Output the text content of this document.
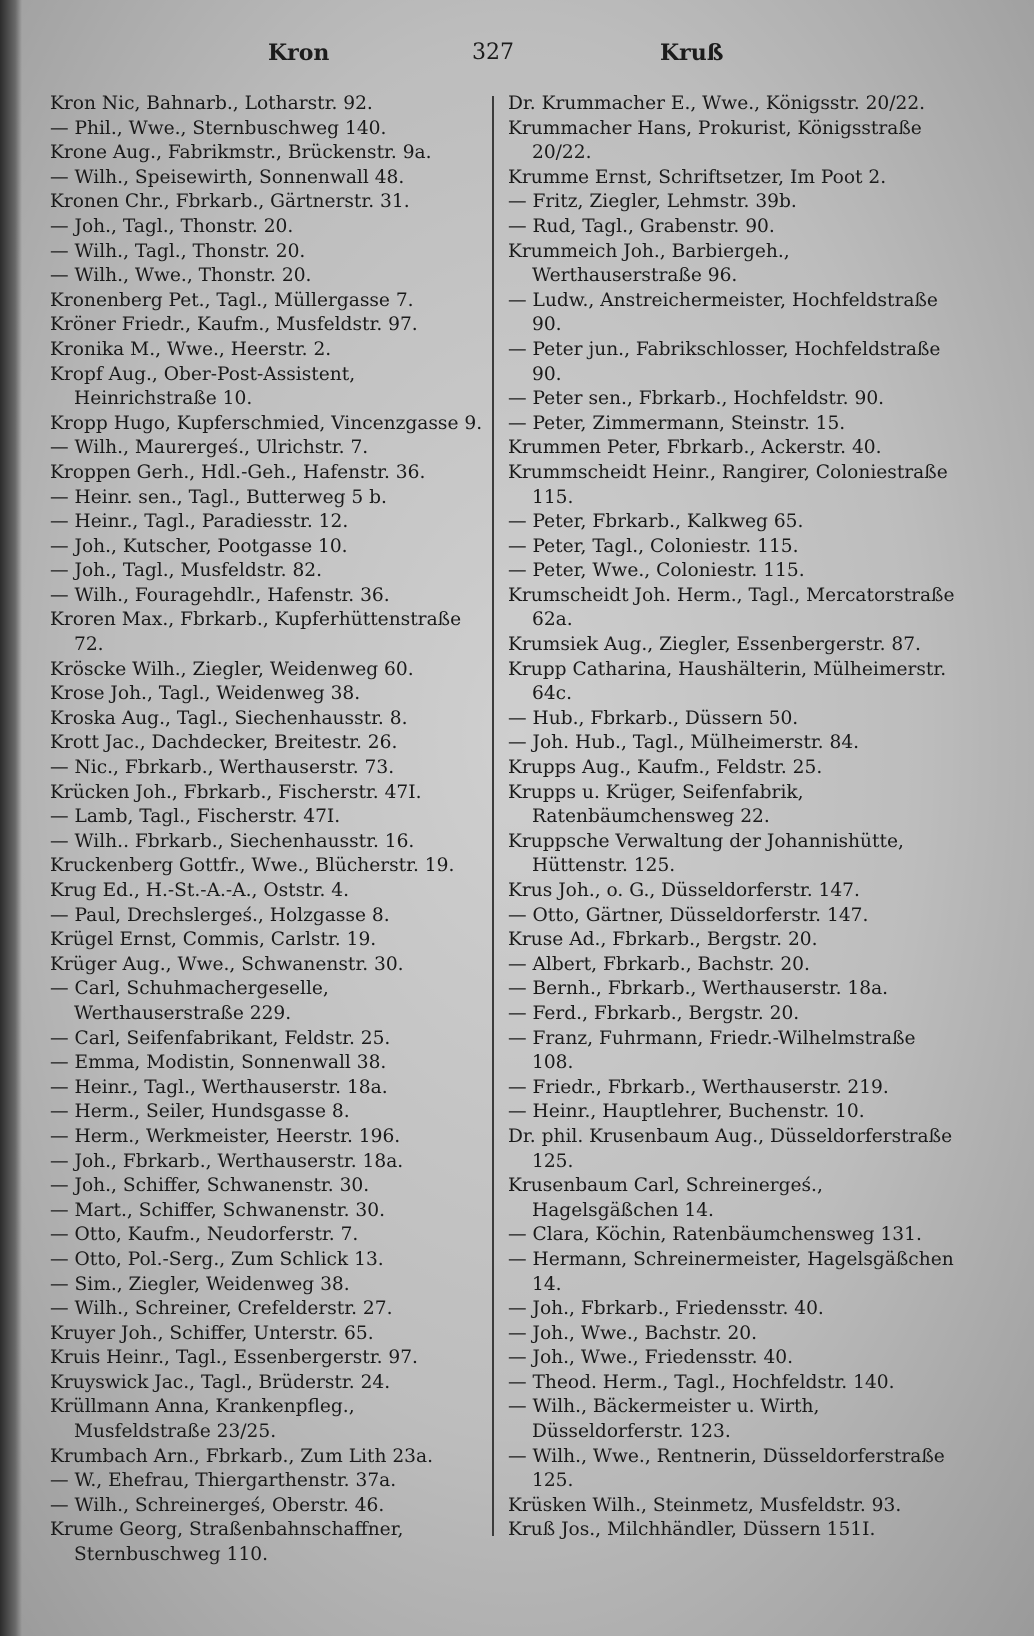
Kron	327	Kruß

Kron Nic, Bahnarb., Lotharstr. 92.

— Phil., Wwe., Sternbuschweg 140.

Krone Aug., Fabrikmstr., Brückenstr. 9a.

— Wilh., Speisewirth, Sonnenwall 48.

Kronen Chr., Fbrkarb., Gärtnerstr. 31.

— Joh., Tagl., Thonstr. 20.

— Wilh., Tagl., Thonstr. 20.

— Wilh., Wwe., Thonstr. 20.

Kronenberg Pet., Tagl., Müllergasse 7.

Kröner Friedr., Kaufm., Musfeldstr. 97.

Kronika M., Wwe., Heerstr. 2.

Kropf Aug., Ober-Post-Assistent, Heinrichstraße 10.

Kropp Hugo, Kupferschmied, Vincenzgasse 9.

— Wilh., Maurergeś., Ulrichstr. 7.

Kroppen Gerh., Hdl.-Geh., Hafenstr. 36.

— Heinr. sen., Tagl., Butterweg 5 b.

— Heinr., Tagl., Paradiesstr. 12.

— Joh., Kutscher, Pootgasse 10.

— Joh., Tagl., Musfeldstr. 82.

— Wilh., Fouragehdlr., Hafenstr. 36.

Kroren Max., Fbrkarb., Kupferhüttenstraße 72.

Kröscke Wilh., Ziegler, Weidenweg 60.

Krose Joh., Tagl., Weidenweg 38.

Kroska Aug., Tagl., Siechenhausstr. 8.

Krott Jac., Dachdecker, Breitestr. 26.

— Nic., Fbrkarb., Werthauserstr. 73.

Krücken Joh., Fbrkarb., Fischerstr. 47I.

— Lamb, Tagl., Fischerstr. 47I.

— Wilh.. Fbrkarb., Siechenhausstr. 16.

Kruckenberg Gottfr., Wwe., Blücherstr. 19.

Krug Ed., H.-St.-A.-A., Oststr. 4.

— Paul, Drechslergeś., Holzgasse 8.

Krügel Ernst, Commis, Carlstr. 19.

Krüger Aug., Wwe., Schwanenstr. 30.

— Carl, Schuhmachergeselle, Werthauserstraße 229.

— Carl, Seifenfabrikant, Feldstr. 25.

— Emma, Modistin, Sonnenwall 38.

— Heinr., Tagl., Werthauserstr. 18a.

— Herm., Seiler, Hundsgasse 8.

— Herm., Werkmeister, Heerstr. 196.

— Joh., Fbrkarb., Werthauserstr. 18a.

— Joh., Schiffer, Schwanenstr. 30.

— Mart., Schiffer, Schwanenstr. 30.

— Otto, Kaufm., Neudorferstr. 7.

— Otto, Pol.-Serg., Zum Schlick 13.

— Sim., Ziegler, Weidenweg 38.

— Wilh., Schreiner, Crefelderstr. 27.

Kruyer Joh., Schiffer, Unterstr. 65.

Kruis Heinr., Tagl., Essenbergerstr. 97.

Kruyswick Jac., Tagl., Brüderstr. 24.

Krüllmann Anna, Krankenpfleg., Musfeldstraße 23/25.

Krumbach Arn., Fbrkarb., Zum Lith 23a.

— W., Ehefrau, Thiergarthenstr. 37a.

— Wilh., Schreinergeś, Oberstr. 46.

Krume Georg, Straßenbahnschaffner, Sternbuschweg 110.

Dr. Krummacher E., Wwe., Königsstr. 20/22.

Krummacher Hans, Prokurist, Königsstraße 20/22.

Krumme Ernst, Schriftsetzer, Im Poot 2.

— Fritz, Ziegler, Lehmstr. 39b.

— Rud, Tagl., Grabenstr. 90.

Krummeich Joh., Barbiergeh., Werthauserstraße 96.

— Ludw., Anstreichermeister, Hochfeldstraße 90.

— Peter jun., Fabrikschlosser, Hochfeldstraße 90.

— Peter sen., Fbrkarb., Hochfeldstr. 90.

— Peter, Zimmermann, Steinstr. 15.

Krummen Peter, Fbrkarb., Ackerstr. 40.

Krummscheidt Heinr., Rangirer, Coloniestraße 115.

— Peter, Fbrkarb., Kalkweg 65.

— Peter, Tagl., Coloniestr. 115.

— Peter, Wwe., Coloniestr. 115.

Krumscheidt Joh. Herm., Tagl., Mercatorstraße 62a.

Krumsiek Aug., Ziegler, Essenbergerstr. 87.

Krupp Catharina, Haushälterin, Mülheimerstr. 64c.

— Hub., Fbrkarb., Düssern 50.

— Joh. Hub., Tagl., Mülheimerstr. 84.

Krupps Aug., Kaufm., Feldstr. 25.

Krupps u. Krüger, Seifenfabrik, Ratenbäumchensweg 22.

Kruppsche Verwaltung der Johannishütte, Hüttenstr. 125.

Krus Joh., o. G., Düsseldorferstr. 147.

— Otto, Gärtner, Düsseldorferstr. 147.

Kruse Ad., Fbrkarb., Bergstr. 20.

— Albert, Fbrkarb., Bachstr. 20.

— Bernh., Fbrkarb., Werthauserstr. 18a.

— Ferd., Fbrkarb., Bergstr. 20.

— Franz, Fuhrmann, Friedr.-Wilhelmstraße 108.

— Friedr., Fbrkarb., Werthauserstr. 219.

— Heinr., Hauptlehrer, Buchenstr. 10.

Dr. phil. Krusenbaum Aug., Düsseldorferstraße 125.

Krusenbaum Carl, Schreinergeś., Hagelsgäßchen 14.

— Clara, Köchin, Ratenbäumchensweg 131.

— Hermann, Schreinermeister, Hagelsgäßchen 14.

— Joh., Fbrkarb., Friedensstr. 40.

— Joh., Wwe., Bachstr. 20.

— Joh., Wwe., Friedensstr. 40.

— Theod. Herm., Tagl., Hochfeldstr. 140.

— Wilh., Bäckermeister u. Wirth, Düsseldorferstr. 123.

— Wilh., Wwe., Rentnerin, Düsseldorferstraße 125.

Krüsken Wilh., Steinmetz, Musfeldstr. 93.

Kruß Jos., Milchhändler, Düssern 151I.
